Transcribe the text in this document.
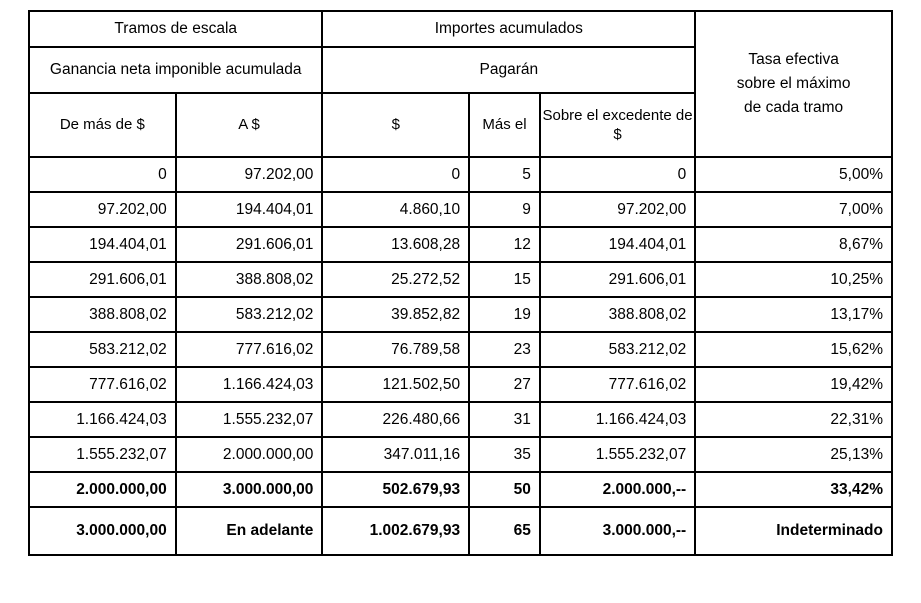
Tramos de escala		Importes acumulados			Tasa efectiva
sobre el máximo
de cada tramo

Ganancia neta imponible acumulada		Pagarán			
De más de $	A $	$	Más el	Sobre el excedente de $	
0	97.202,00	0	5	0	5,00%
97.202,00	194.404,01	4.860,10	9	97.202,00	7,00%
194.404,01	291.606,01	13.608,28	12	194.404,01	8,67%
291.606,01	388.808,02	25.272,52	15	291.606,01	10,25%
388.808,02	583.212,02	39.852,82	19	388.808,02	13,17%
583.212,02	777.616,02	76.789,58	23	583.212,02	15,62%
777.616,02	1.166.424,03	121.502,50	27	777.616,02	19,42%
1.166.424,03	1.555.232,07	226.480,66	31	1.166.424,03	22,31%
1.555.232,07	2.000.000,00	347.011,16	35	1.555.232,07	25,13%
2.000.000,00	3.000.000,00	502.679,93	50	2.000.000,--	33,42%
3.000.000,00	En adelante	1.002.679,93	65	3.000.000,--	Indeterminado
